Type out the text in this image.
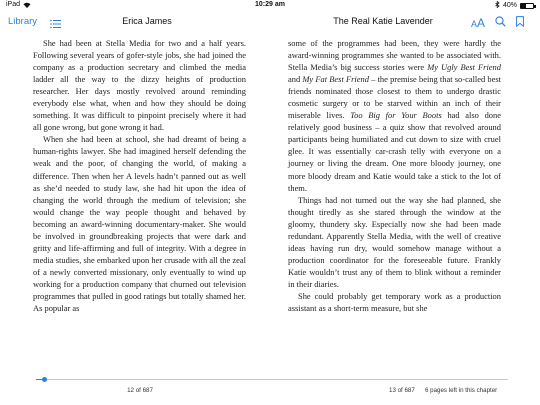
iPad	10:29 am	40%
Library	Erica James	The Real Katie Lavender	AA

She had been at Stella Media for two and a half years. Following several years of gofer-style jobs, she had joined the company as a production secretary and climbed the media ladder all the way to the dizzy heights of production researcher. Her days mostly revolved around reminding everybody else what, when and how they should be doing something. It was difficult to pinpoint precisely where it had all gone wrong, but gone wrong it had.

When she had been at school, she had dreamt of being a human-rights lawyer. She had imagined herself defending the weak and the poor, of changing the world, of making a difference. Then when her A levels hadn’t panned out as well as she’d needed to study law, she had hit upon the idea of changing the world through the medium of television; she would change the way people thought and behaved by becoming an award-winning documentary-maker. She would be involved in groundbreaking projects that were dark and gritty and life-affirming and full of integrity. With a degree in media studies, she embarked upon her crusade with all the zeal of a newly converted missionary, only eventually to wind up working for a production company that churned out television programmes that pulled in good ratings but totally shamed her. As popular as

some of the programmes had been, they were hardly the award-winning programmes she wanted to be associated with. Stella Media’s big success stories were My Ugly Best Friend and My Fat Best Friend – the premise being that so-called best friends nominated those closest to them to undergo drastic cosmetic surgery or to be starved within an inch of their miserable lives. Too Big for Your Boots had also done relatively good business – a quiz show that revolved around participants being humiliated and cut down to size with cruel glee. It was essentially car-crash telly with everyone on a journey or living the dream. One more bloody journey, one more bloody dream and Katie would take a stick to the lot of them.

Things had not turned out the way she had planned, she thought tiredly as she stared through the window at the gloomy, thundery sky. Especially now she had been made redundant. Apparently Stella Media, with the well of creative ideas having run dry, would somehow manage without a production coordinator for the foreseeable future. Frankly Katie wouldn’t trust any of them to blink without a reminder in their diaries.

She could probably get temporary work as a production assistant as a short-term measure, but she

12 of 687	13 of 687 6 pages left in this chapter
